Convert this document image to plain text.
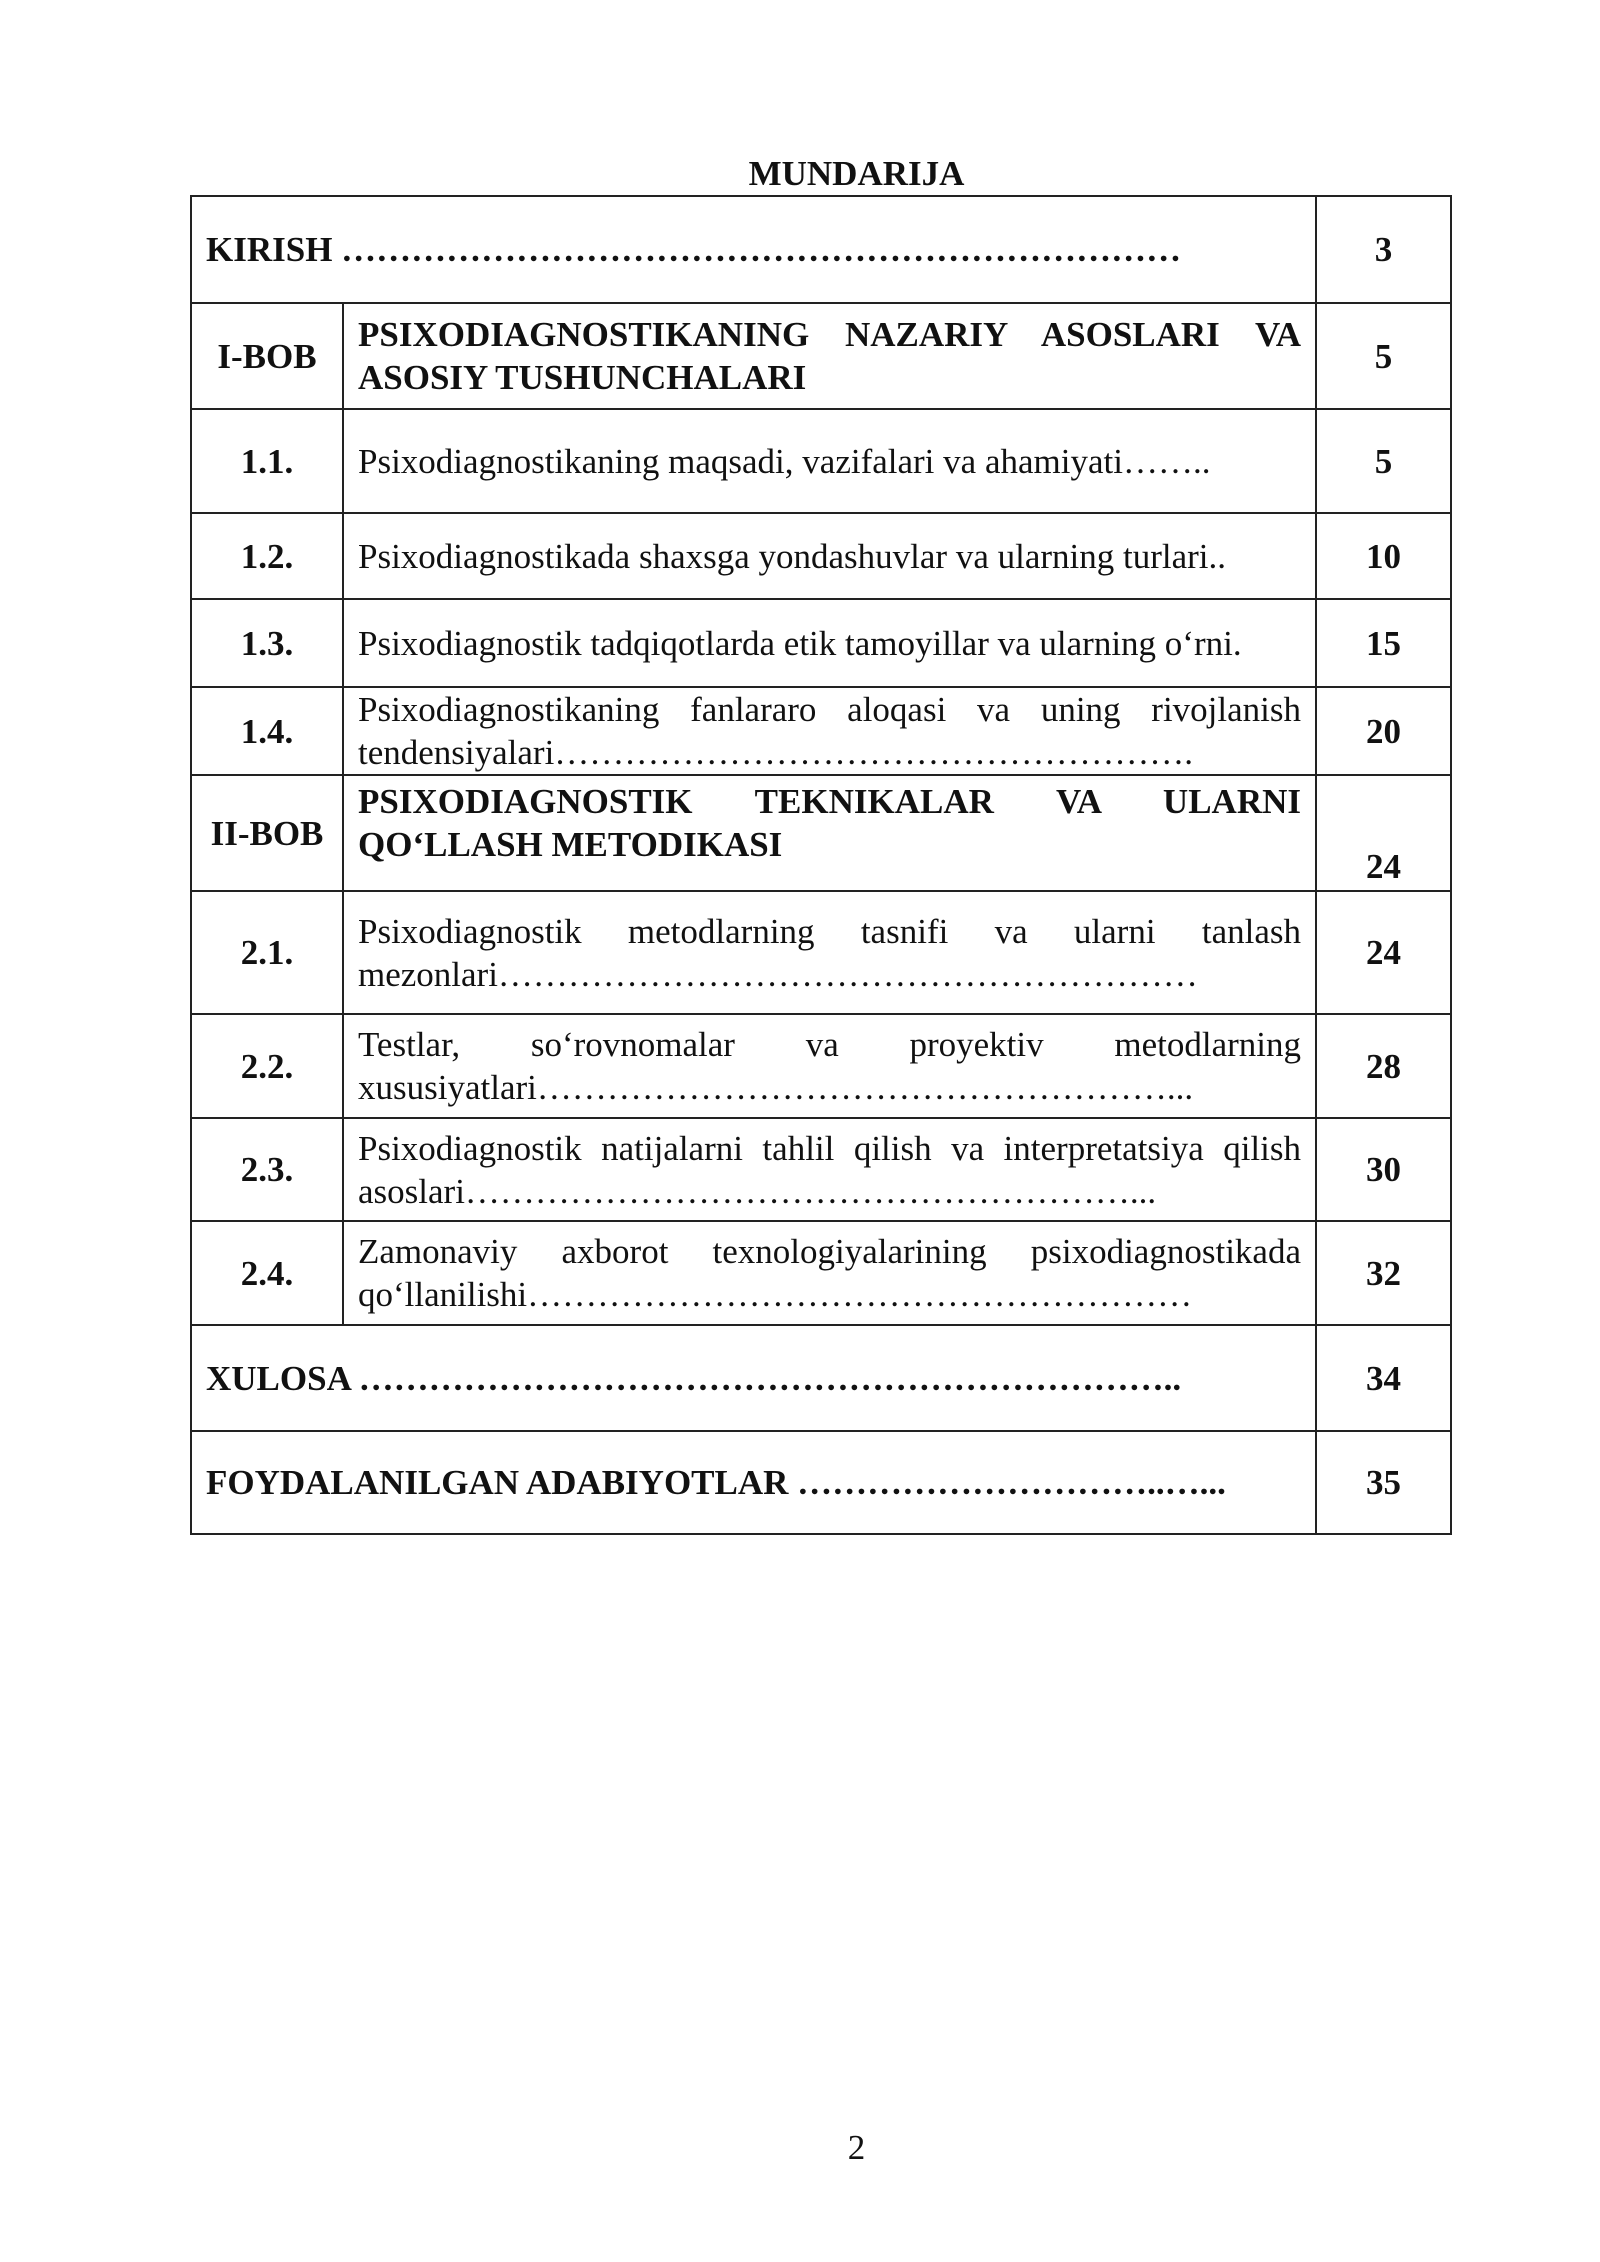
MUNDARIJA
KIRISH ………………………………………………………………		3
I-BOB	PSIXODIAGNOSTIKANING NAZARIY ASOSLARI VA ASOSIY TUSHUNCHALARI	5
1.1.	Psixodiagnostikaning maqsadi, vazifalari va ahamiyati……..	5
1.2.	Psixodiagnostikada shaxsga yondashuvlar va ularning turlari..	10
1.3.	Psixodiagnostik tadqiqotlarda etik tamoyillar va ularning o‘rni.	15
1.4.	Psixodiagnostikaning fanlararo aloqasi va uning rivojlanish tendensiyalari……………………………………………….	20
II-BOB	PSIXODIAGNOSTIK TEKNIKALAR VA ULARNI QO‘LLASH METODIKASI	24
2.1.	Psixodiagnostik metodlarning tasnifi va ularni tanlash mezonlari……………………………………………………	24
2.2.	Testlar, so‘rovnomalar va proyektiv metodlarning xususiyatlari………………………………………………...	28
2.3.	Psixodiagnostik natijalarni tahlil qilish va interpretatsiya qilish asoslari…………………………………………………...	30
2.4.	Zamonaviy axborot texnologiyalarining psixodiagnostikada qo‘llanilishi…………………………………………………	32
XULOSA ……………………………………………………………..		34
FOYDALANILGAN ADABIYOTLAR …………………………..…...		35
2
